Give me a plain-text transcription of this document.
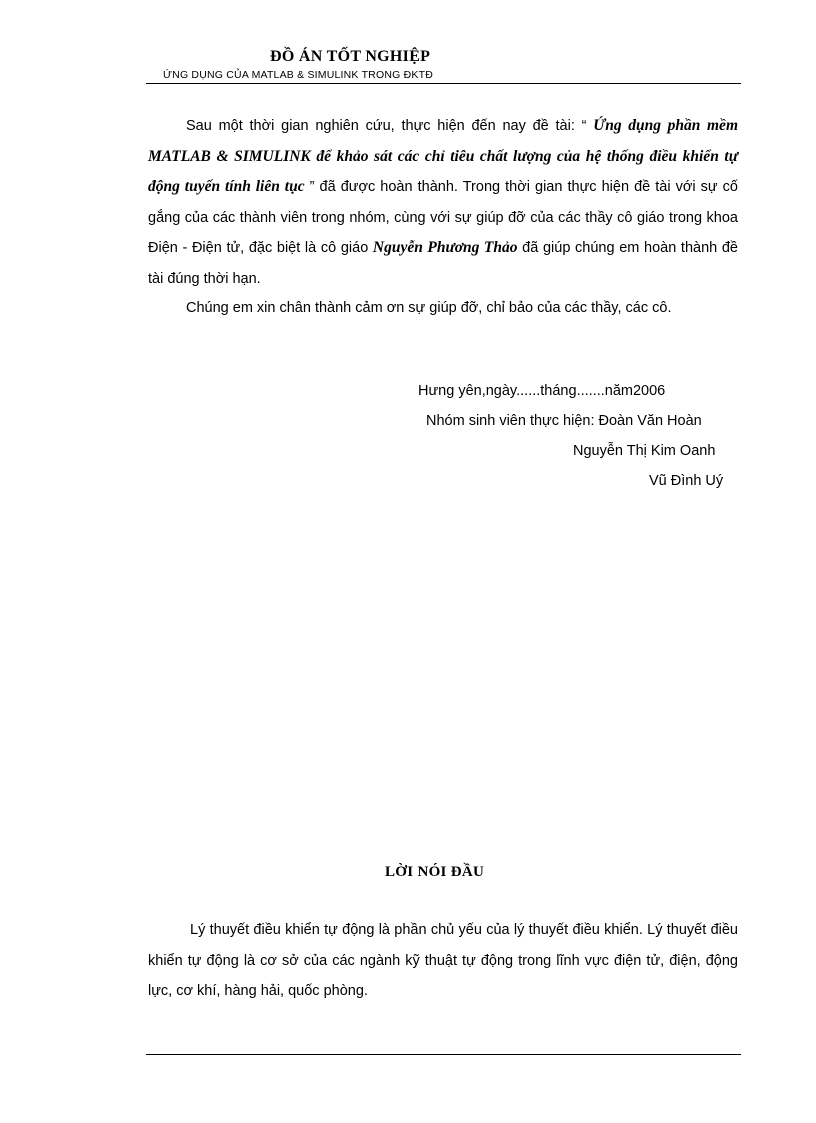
ĐỒ ÁN TỐT NGHIỆP
ỨNG DỤNG CỦA MATLAB & SIMULINK TRONG ĐKTĐ
Sau một thời gian nghiên cứu, thực hiện đến nay đề tài: “ Ứng dụng phần mềm MATLAB & SIMULINK để khảo sát các chỉ tiêu chất lượng của hệ thống điều khiển tự động tuyến tính liên tục ” đã được hoàn thành. Trong thời gian thực hiện đề tài với sự cố gắng của các thành viên trong nhóm, cùng với sự giúp đỡ của các thầy cô giáo trong khoa Điện - Điện tử, đặc biệt là cô giáo Nguyễn Phương Thảo đã giúp chúng em hoàn thành đề tài đúng thời hạn.
Chúng em xin chân thành cảm ơn sự giúp đỡ, chỉ bảo của các thầy, các cô.
Hưng yên,ngày......tháng.......năm2006
Nhóm sinh viên thực hiện: Đoàn Văn Hoàn
Nguyễn Thị Kim Oanh
Vũ Đình Uý
LỜI NÓI ĐẦU
Lý thuyết điều khiển tự động là phần chủ yếu của lý thuyết điều khiển. Lý thuyết điều khiển tự động là cơ sở của các ngành kỹ thuật tự động trong lĩnh vực điện tử, điện, động lực, cơ khí, hàng hải, quốc phòng.
